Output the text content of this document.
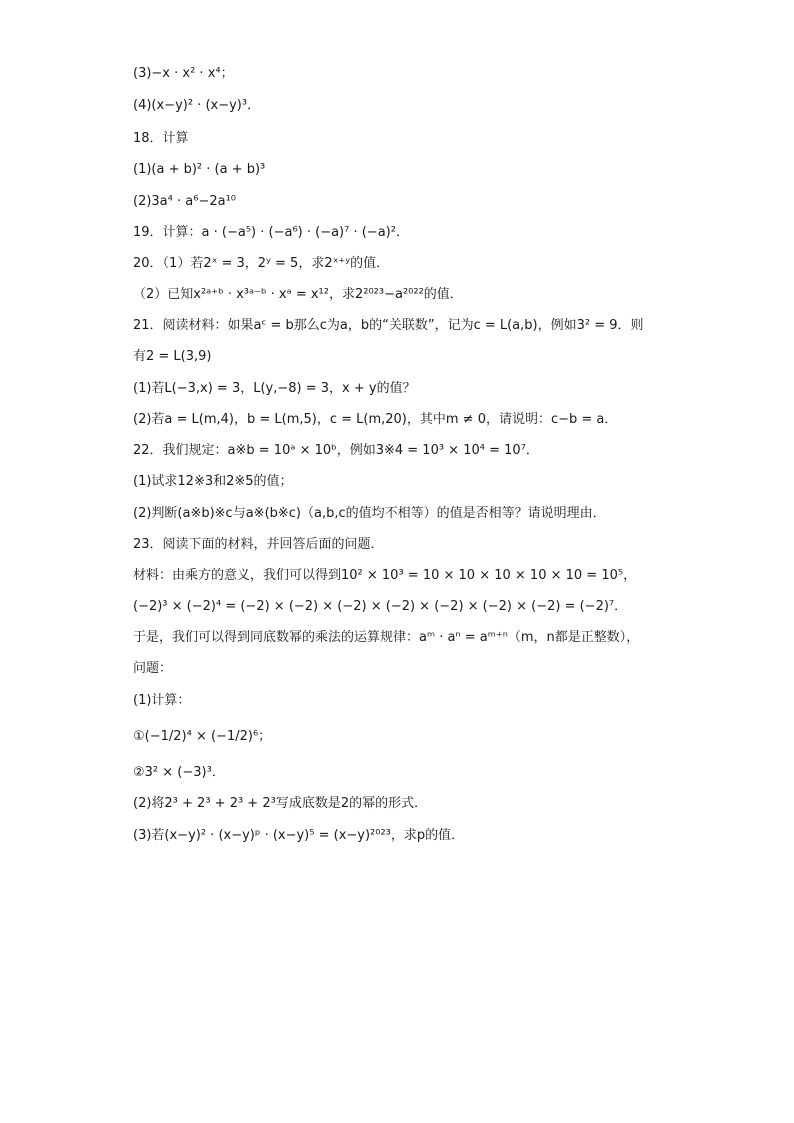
(3)−x · x² · x⁴；
(4)(x−y)² · (x−y)³．
18．计算
(1)(a + b)² · (a + b)³
(2)3a⁴ · a⁶−2a¹⁰
19．计算：a · (−a⁵) · (−a⁶) · (−a)⁷ · (−a)²．
20．（1）若2ˣ = 3，2ʸ = 5，求2ˣ⁺ʸ的值．
（2）已知x²ᵃ⁺ᵇ · x³ᵃ⁻ᵇ · xᵃ = x¹²，求2²⁰²³−a²⁰²²的值．
21．阅读材料：如果aᶜ = b那么c为a，b的“关联数”，记为c = L(a,b)，例如3² = 9．则
有2 = L(3,9)
(1)若L(−3,x) = 3，L(y,−8) = 3，x + y的值？
(2)若a = L(m,4)，b = L(m,5)，c = L(m,20)，其中m ≠ 0，请说明：c−b = a．
22．我们规定：a※b = 10ᵃ × 10ᵇ，例如3※4 = 10³ × 10⁴ = 10⁷．
(1)试求12※3和2※5的值；
(2)判断(a※b)※c与a※(b※c)（a,b,c的值均不相等）的值是否相等？请说明理由．
23．阅读下面的材料，并回答后面的问题．
材料：由乘方的意义，我们可以得到10² × 10³ = 10 × 10 × 10 × 10 × 10 = 10⁵，
(−2)³ × (−2)⁴ = (−2) × (−2) × (−2) × (−2) × (−2) × (−2) × (−2) = (−2)⁷．
于是，我们可以得到同底数幂的乘法的运算规律：aᵐ · aⁿ = aᵐ⁺ⁿ（m，n都是正整数），
问题：
(1)计算：
①(−1/2)⁴ × (−1/2)⁶；
②3² × (−3)³．
(2)将2³ + 2³ + 2³ + 2³写成底数是2的幂的形式．
(3)若(x−y)² · (x−y)ᵖ · (x−y)⁵ = (x−y)²⁰²³，求p的值．
